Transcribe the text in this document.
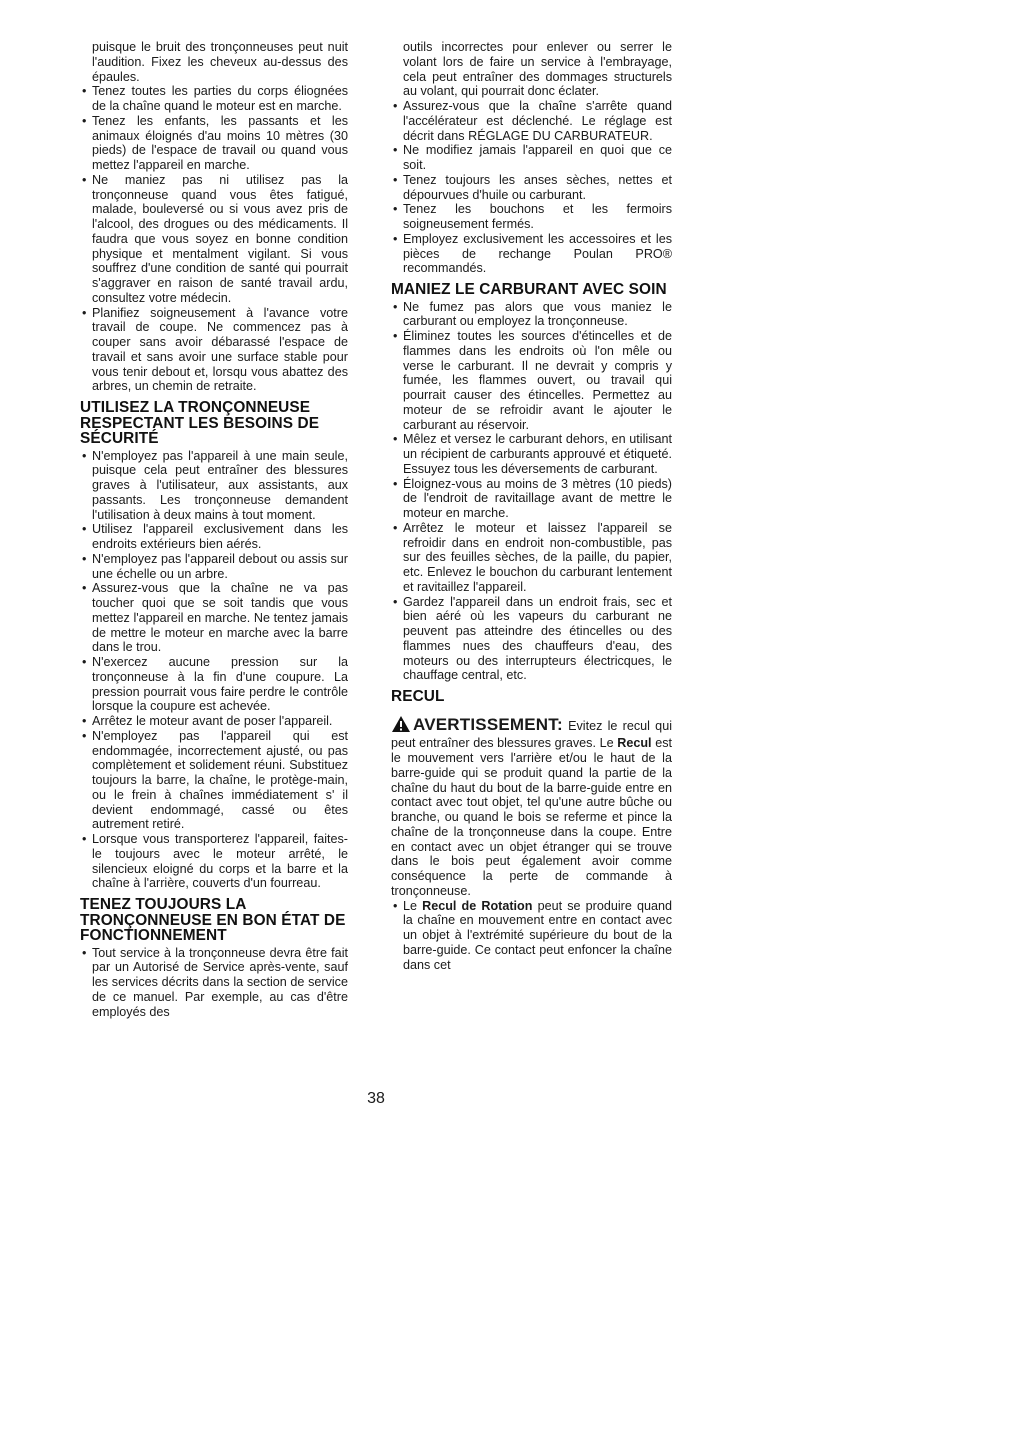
puisque le bruit des tronçonneuses peut nuit l'audition. Fixez les cheveux au-dessus des épaules.

• Tenez toutes les parties du corps éliognées de la chaîne quand le moteur est en marche.
• Tenez les enfants, les passants et les animaux éloignés d'au moins 10 mètres (30 pieds) de l'espace de travail ou quand vous mettez l'appareil en marche.
• Ne maniez pas ni utilisez pas la tronçonneuse quand vous êtes fatigué, malade, bouleversé ou si vous avez pris de l'alcool, des drogues ou des médicaments. Il faudra que vous soyez en bonne condition physique et mentalment vigilant. Si vous souffrez d'une condition de santé qui pourrait s'aggraver en raison de santé travail ardu, consultez votre médecin.
• Planifiez soigneusement à l'avance votre travail de coupe. Ne commencez pas à couper sans avoir débarassé l'espace de travail et sans avoir une surface stable pour vous tenir debout et, lorsqu vous abattez des arbres, un chemin de retraite.
UTILISEZ LA TRONÇONNEUSE RESPECTANT LES BESOINS DE SÉCURITÉ
• N'employez pas l'appareil à une main seule, puisque cela peut entraîner des blessures graves à l'utilisateur, aux assistants, aux passants. Les tronçonneuse demandent l'utilisation à deux mains à tout moment.
• Utilisez l'appareil exclusivement dans les endroits extérieurs bien aérés.
• N'employez pas l'appareil debout ou assis sur une échelle ou un arbre.
• Assurez-vous que la chaîne ne va pas toucher quoi que se soit tandis que vous mettez l'appareil en marche. Ne tentez jamais de mettre le moteur en marche avec la barre dans le trou.
• N'exercez aucune pression sur la tronçonneuse à la fin d'une coupure. La pression pourrait vous faire perdre le contrôle lorsque la coupure est achevée.
• Arrêtez le moteur avant de poser l'appareil.
• N'employez pas l'appareil qui est endommagée, incorrectement ajusté, ou pas complètement et solidement réuni. Substituez toujours la barre, la chaîne, le protège-main, ou le frein à chaînes immédiatement s' il devient endommagé, cassé ou êtes autrement retiré.
• Lorsque vous transporterez l'appareil, faites-le toujours avec le moteur arrêté, le silencieux eloigné du corps et la barre et la chaîne à l'arrière, couverts d'un fourreau.
TENEZ TOUJOURS LA TRONÇONNEUSE EN BON ÉTAT DE FONCTIONNEMENT
• Tout service à la tronçonneuse devra être fait par un Autorisé de Service après-vente, sauf les services décrits dans la section de service de ce manuel. Par exemple, au cas d'être employés des

outils incorrectes pour enlever ou serrer le volant lors de faire un service à l'embrayage, cela peut entraîner des dommages structurels au volant, qui pourrait donc éclater.

• Assurez-vous que la chaîne s'arrête quand l'accélérateur est déclenché. Le réglage est décrit dans RÉGLAGE DU CARBURATEUR.
• Ne modifiez jamais l'appareil en quoi que ce soit.
• Tenez toujours les anses sèches, nettes et dépourvues d'huile ou carburant.
• Tenez les bouchons et les fermoirs soigneusement fermés.
• Employez exclusivement les accessoires et les pièces de rechange Poulan PRO® recommandés.
MANIEZ LE CARBURANT AVEC SOIN
• Ne fumez pas alors que vous maniez le carburant ou employez la tronçonneuse.
• Éliminez toutes les sources d'étincelles et de flammes dans les endroits où l'on mêle ou verse le carburant. Il ne devrait y compris y fumée, les flammes ouvert, ou travail qui pourrait causer des étincelles. Permettez au moteur de se refroidir avant le ajouter le carburant au réservoir.
• Mêlez et versez le carburant dehors, en utilisant un récipient de carburants approuvé et étiqueté. Essuyez tous les déversements de carburant.
• Éloignez-vous au moins de 3 mètres (10 pieds) de l'endroit de ravitaillage avant de mettre le moteur en marche.
• Arrêtez le moteur et laissez l'appareil se refroidir dans en endroit non-combustible, pas sur des feuilles sèches, de la paille, du papier, etc. Enlevez le bouchon du carburant lentement et ravitaillez l'appareil.
• Gardez l'appareil dans un endroit frais, sec et bien aéré où les vapeurs du carburant ne peuvent pas atteindre des étincelles ou des flammes nues des chauffeurs d'eau, des moteurs ou des interrupteurs électricques, le chauffage central, etc.
RECUL

AVERTISSEMENT: Evitez le recul qui peut entraîner des blessures graves. Le Recul est le mouvement vers l'arrière et/ou le haut de la barre-guide qui se produit quand la partie de la chaîne du haut du bout de la barre-guide entre en contact avec tout objet, tel qu'une autre bûche ou branche, ou quand le bois se referme et pince la chaîne de la tronçonneuse dans la coupe. Entre en contact avec un objet étranger qui se trouve dans le bois peut également avoir comme conséquence la perte de commande à tronçonneuse.

• Le Recul de Rotation peut se produire quand la chaîne en mouvement entre en contact avec un objet à l'extrémité supérieure du bout de la barre-guide. Ce contact peut enfoncer la chaîne dans cet
38
